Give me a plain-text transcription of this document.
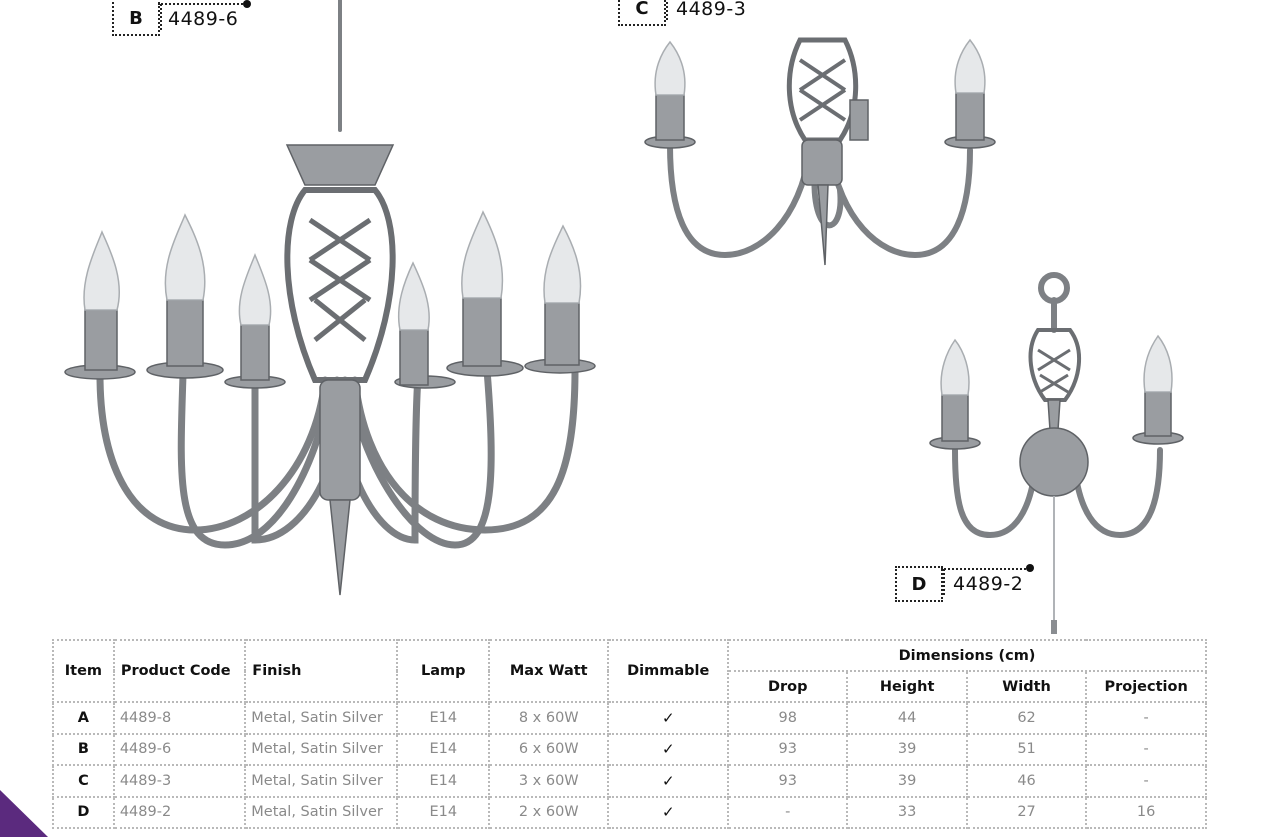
B	4489-6	C	4489-3
D	4489-2
Item	Product Code	Finish	Lamp	Max Watt	Dimmable	Dimensions (cm)			
						Drop	Height	Width	Projection
A	4489-8	Metal, Satin Silver	E14	8 x 60W	✓	98	44	62	-
B	4489-6	Metal, Satin Silver	E14	6 x 60W	✓	93	39	51	-
C	4489-3	Metal, Satin Silver	E14	3 x 60W	✓	93	39	46	-
D	4489-2	Metal, Satin Silver	E14	2 x 60W	✓	-	33	27	16
